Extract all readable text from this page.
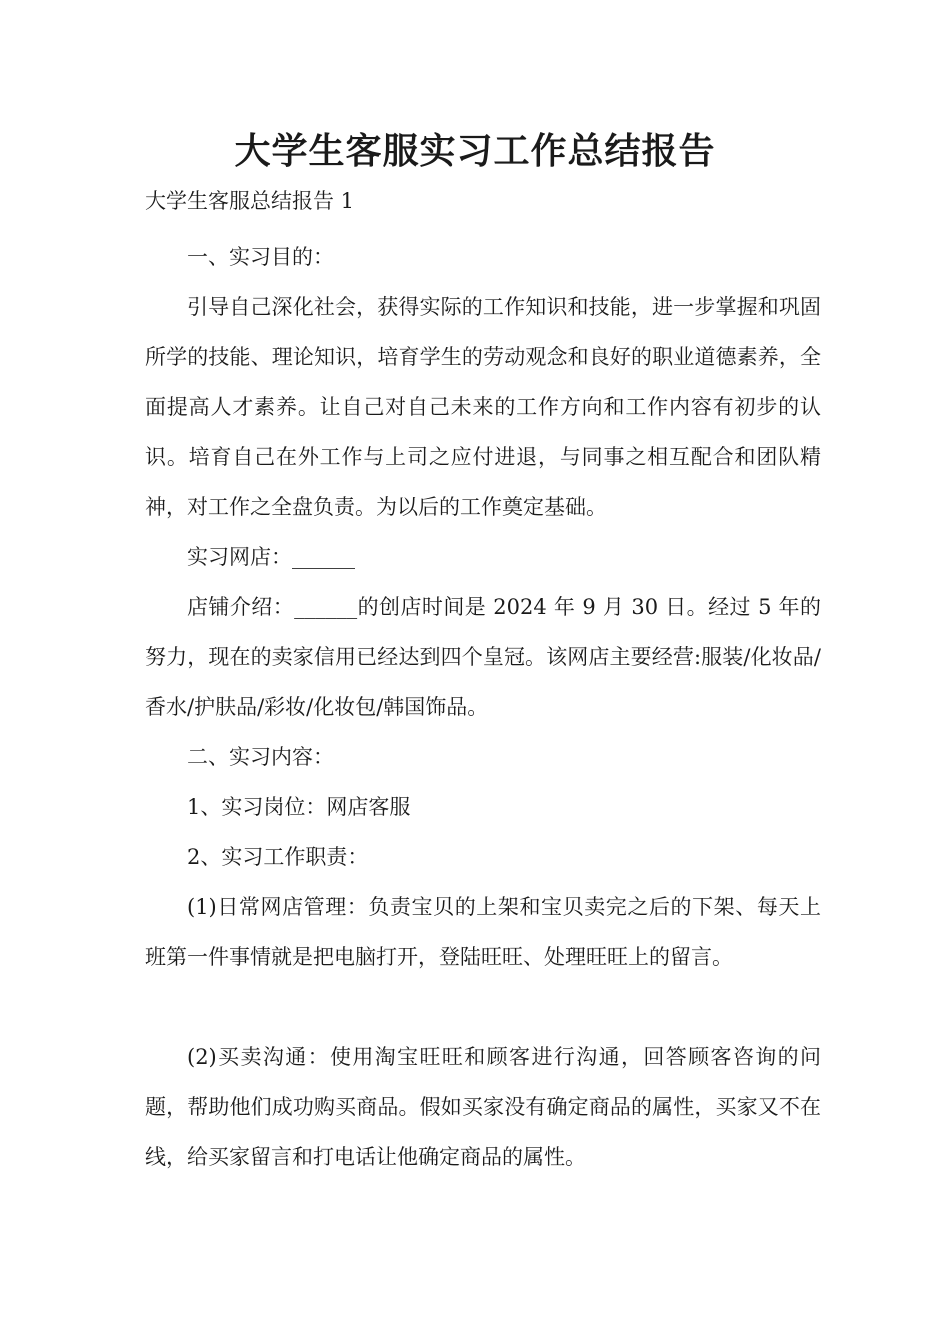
大学生客服实习工作总结报告

大学生客服总结报告 1

一、实习目的：

引导自己深化社会，获得实际的工作知识和技能，进一步掌握和巩固所学的技能、理论知识，培育学生的劳动观念和良好的职业道德素养，全面提高人才素养。让自己对自己未来的工作方向和工作内容有初步的认识。培育自己在外工作与上司之应付进退，与同事之相互配合和团队精神，对工作之全盘负责。为以后的工作奠定基础。

实习网店：______

店铺介绍：______的创店时间是 2024 年 9 月 30 日。经过 5 年的努力，现在的卖家信用已经达到四个皇冠。该网店主要经营:服装/化妆品/香水/护肤品/彩妆/化妆包/韩国饰品。

二、实习内容：

1、实习岗位：网店客服

2、实习工作职责：

(1)日常网店管理：负责宝贝的上架和宝贝卖完之后的下架、每天上班第一件事情就是把电脑打开，登陆旺旺、处理旺旺上的留言。

(2)买卖沟通：使用淘宝旺旺和顾客进行沟通，回答顾客咨询的问题，帮助他们成功购买商品。假如买家没有确定商品的属性，买家又不在线，给买家留言和打电话让他确定商品的属性。
